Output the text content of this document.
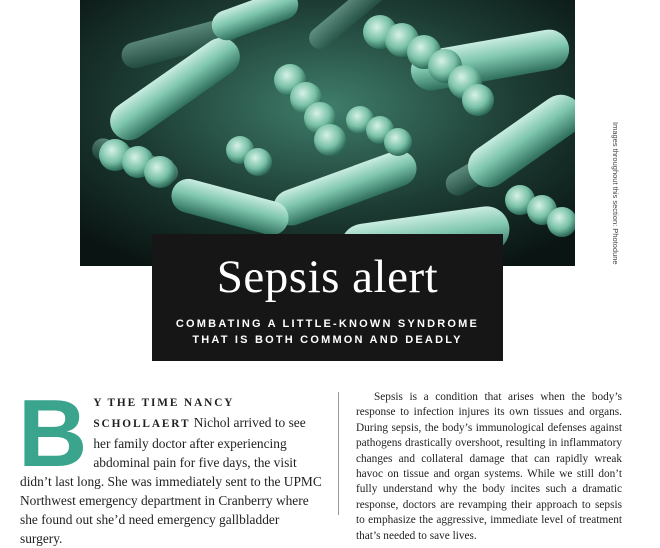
Images throughout this section: Photodune
Sepsis alert
COMBATING A LITTLE-KNOWN SYNDROME
THAT IS BOTH COMMON AND DEADLY
B Y THE TIME NANCY SCHOLLAERT Nichol arrived to see her family doctor after experiencing abdominal pain for five days, the visit didn’t last long. She was immediately sent to the UPMC Northwest emergency department in Cranberry where she found out she’d need emergency gallbladder surgery.

Sepsis is a condition that arises when the body’s response to infection injures its own tissues and organs. During sepsis, the body’s immunological defenses against pathogens drastically overshoot, resulting in inflammatory changes and collateral damage that can rapidly wreak havoc on tissue and organ systems. While we still don’t fully understand why the body incites such a dramatic response, doctors are revamping their approach to sepsis to emphasize the aggressive, immediate level of treatment that’s needed to save lives.
